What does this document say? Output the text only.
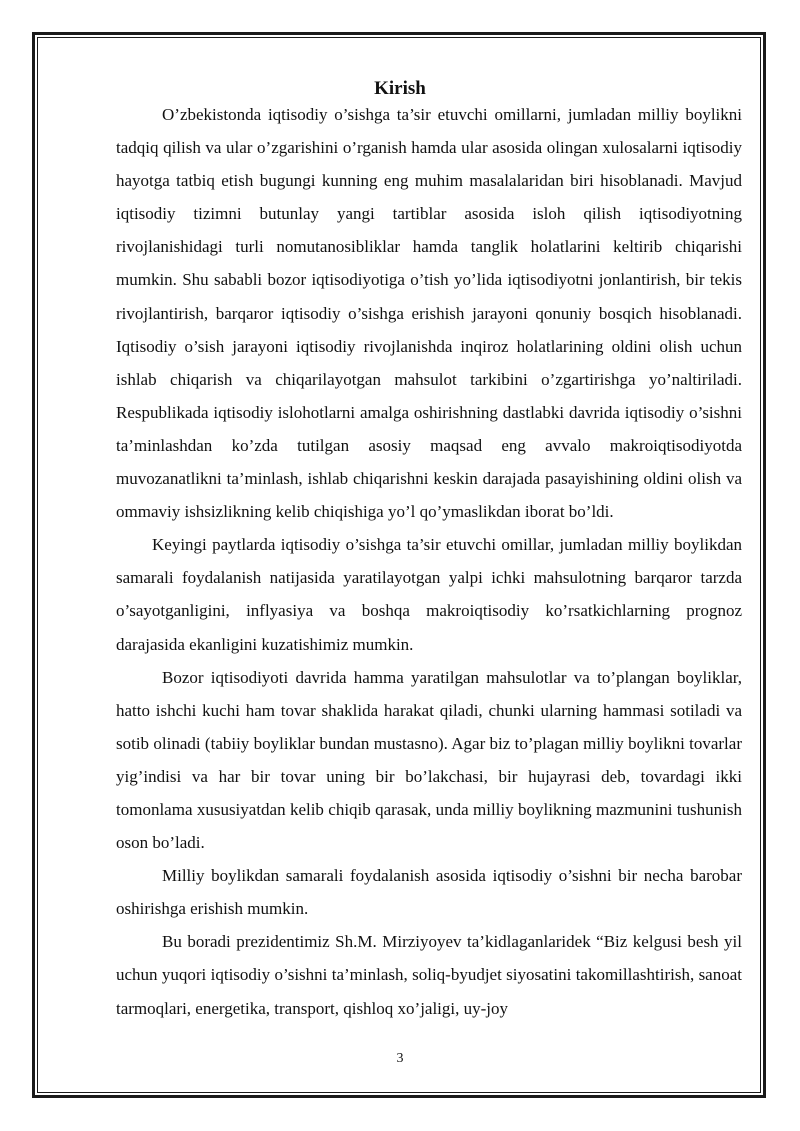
Kirish

O’zbekistonda iqtisodiy o’sishga ta’sir etuvchi omillarni, jumladan milliy boylikni tadqiq qilish va ular o’zgarishini o’rganish hamda ular asosida olingan xulosalarni iqtisodiy hayotga tatbiq etish bugungi kunning eng muhim masalalaridan biri hisoblanadi. Mavjud iqtisodiy tizimni butunlay yangi tartiblar asosida isloh qilish iqtisodiyotning rivojlanishidagi turli nomutanosibliklar hamda tanglik holatlarini keltirib chiqarishi mumkin. Shu sababli bozor iqtisodiyotiga o’tish yo’lida iqtisodiyotni jonlantirish, bir tekis rivojlantirish, barqaror iqtisodiy o’sishga erishish jarayoni qonuniy bosqich hisoblanadi. Iqtisodiy o’sish jarayoni iqtisodiy rivojlanishda inqiroz holatlarining oldini olish uchun ishlab chiqarish va chiqarilayotgan mahsulot tarkibini o’zgartirishga yo’naltiriladi. Respublikada iqtisodiy islohotlarni amalga oshirishning dastlabki davrida iqtisodiy o’sishni ta’minlashdan ko’zda tutilgan asosiy maqsad eng avvalo makroiqtisodiyotda muvozanatlikni ta’minlash, ishlab chiqarishni keskin darajada pasayishining oldini olish va ommaviy ishsizlikning kelib chiqishiga yo’l qo’ymaslikdan iborat bo’ldi.

Keyingi paytlarda iqtisodiy o’sishga ta’sir etuvchi omillar, jumladan milliy boylikdan samarali foydalanish natijasida yaratilayotgan yalpi ichki mahsulotning barqaror tarzda o’sayotganligini, inflyasiya va boshqa makroiqtisodiy ko’rsatkichlarning prognoz darajasida ekanligini kuzatishimiz mumkin.

Bozor iqtisodiyoti davrida hamma yaratilgan mahsulotlar va to’plangan boyliklar, hatto ishchi kuchi ham tovar shaklida harakat qiladi, chunki ularning hammasi sotiladi va sotib olinadi (tabiiy boyliklar bundan mustasno). Agar biz to’plagan milliy boylikni tovarlar yig’indisi va har bir tovar uning bir bo’lakchasi, bir hujayrasi deb, tovardagi ikki tomonlama xususiyatdan kelib chiqib qarasak, unda milliy boylikning mazmunini tushunish oson bo’ladi.

Milliy boylikdan samarali foydalanish asosida iqtisodiy o’sishni bir necha barobar oshirishga erishish mumkin.

Bu boradi prezidentimiz Sh.M. Mirziyoyev ta’kidlaganlaridek “Biz kelgusi besh yil uchun yuqori iqtisodiy o’sishni ta’minlash, soliq-byudjet siyosatini takomillashtirish, sanoat tarmoqlari, energetika, transport, qishloq xo’jaligi, uy-joy

3
